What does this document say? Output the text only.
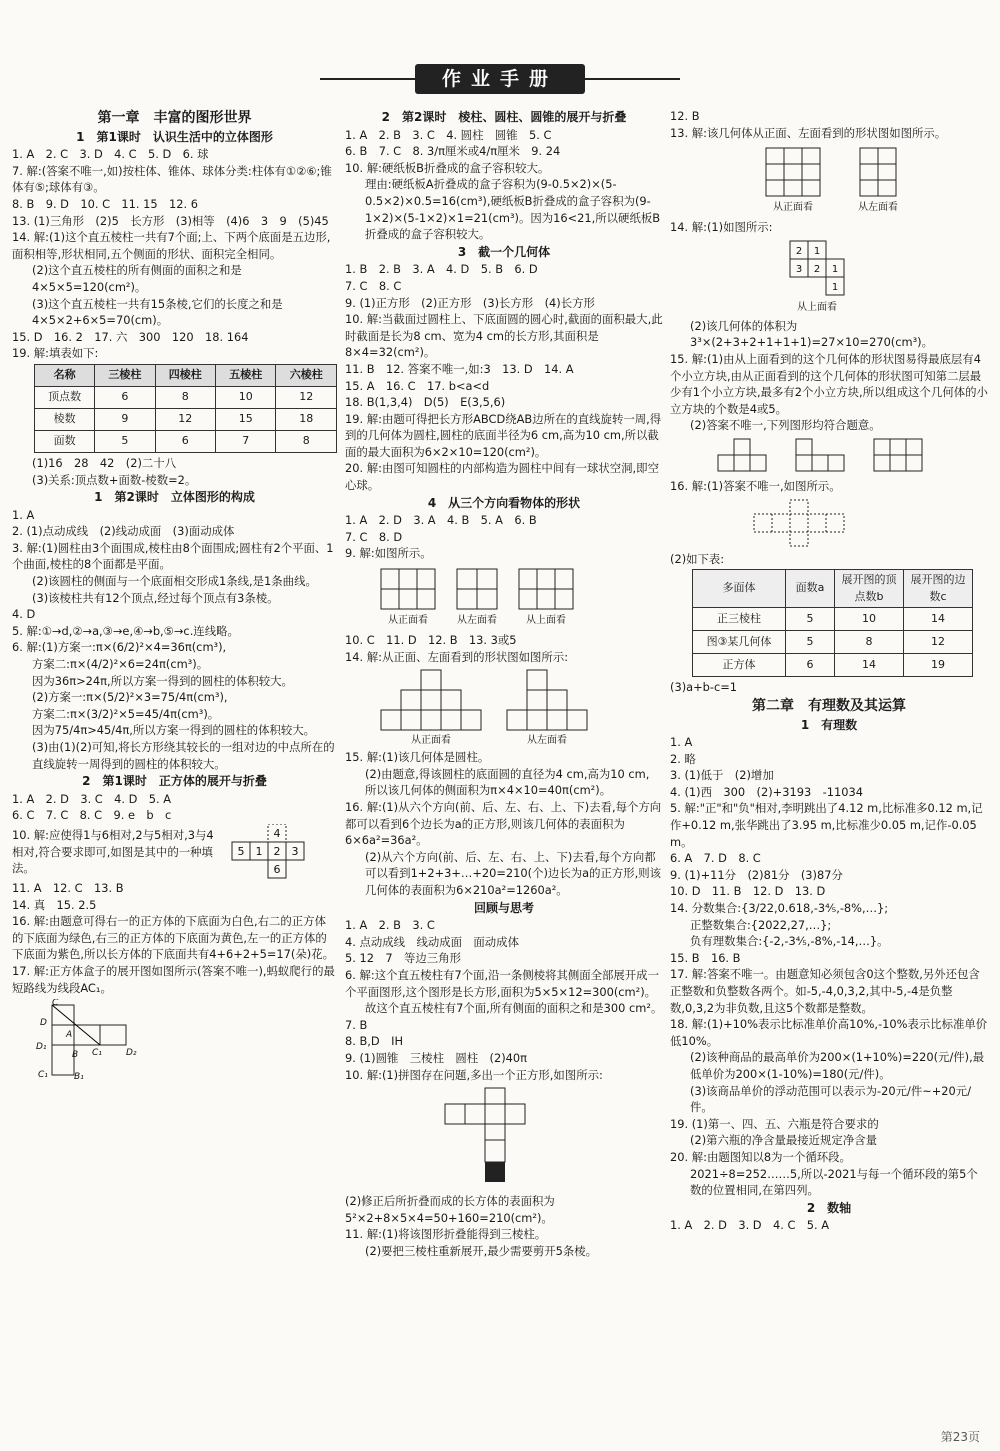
作业手册
第一章　丰富的图形世界
1　第1课时　认识生活中的立体图形
1. A　2. C　3. D　4. C　5. D　6. 球
7. 解:(答案不唯一,如)按柱体、锥体、球体分类:柱体有①②⑥;锥体有⑤;球体有③。
8. B　9. D　10. C　11. 15　12. 6
13. (1)三角形　(2)5　长方形　(3)相等　(4)6　3　9　(5)45
14. 解:(1)这个直五棱柱一共有7个面;上、下两个底面是五边形,面积相等,形状相同,五个侧面的形状、面积完全相同。
(2)这个直五棱柱的所有侧面的面积之和是4×5×5=120(cm²)。
(3)这个直五棱柱一共有15条棱,它们的长度之和是4×5×2+6×5=70(cm)。
15. D　16. 2　17. 六　300　120　18. 164
19. 解:填表如下:
名称	三棱柱	四棱柱	五棱柱	六棱柱
顶点数	6	8	10	12
棱数	9	12	15	18
面数	5	6	7	8
(1)16　28　42　(2)二十八
(3)关系:顶点数+面数-棱数=2。
1　第2课时　立体图形的构成
1. A
2. (1)点动成线　(2)线动成面　(3)面动成体
3. 解:(1)圆柱由3个面围成,棱柱由8个面围成;圆柱有2个平面、1个曲面,棱柱的8个面都是平面。
(2)该圆柱的侧面与一个底面相交形成1条线,是1条曲线。
(3)该棱柱共有12个顶点,经过每个顶点有3条棱。
4. D
5. 解:①→d,②→a,③→e,④→b,⑤→c.连线略。
6. 解:(1)方案一:π×(6/2)²×4=36π(cm³),
方案二:π×(4/2)²×6=24π(cm³)。
因为36π>24π,所以方案一得到的圆柱的体积较大。
(2)方案一:π×(5/2)²×3=75/4π(cm³),
方案二:π×(3/2)²×5=45/4π(cm³)。
因为75/4π>45/4π,所以方案一得到的圆柱的体积较大。
(3)由(1)(2)可知,将长方形绕其较长的一组对边的中点所在的直线旋转一周得到的圆柱的体积较大。
2　第1课时　正方体的展开与折叠
1. A　2. D　3. C　4. D　5. A
6. C　7. C　8. C　9. e　b　c
10. 解:应使得1与6相对,2与5相对,3与4相对,符合要求即可,如图是其中的一种填法。
5 1 2 3
4
6
11. A　12. C　13. B
14. 真　15. 2.5
16. 解:由题意可得右一的正方体的下底面为白色,右二的正方体的下底面为绿色,右三的正方体的下底面为黄色,左一的正方体的下底面为紫色,所以长方体的下底面共有4+6+2+5=17(朵)花。
17. 解:正方体盒子的展开图如图所示(答案不唯一),蚂蚁爬行的最短路线为线段AC₁。
C
D
A
D₁
C₁
B
C₁
D₂
B₁
2　第2课时　棱柱、圆柱、圆锥的展开与折叠
1. A　2. B　3. C　4. 圆柱　圆锥　5. C
6. B　7. C　8. 3/π厘米或4/π厘米　9. 24
10. 解:硬纸板B折叠成的盒子容积较大。
理由:硬纸板A折叠成的盒子容积为(9-0.5×2)×(5-0.5×2)×0.5=16(cm³),硬纸板B折叠成的盒子容积为(9-1×2)×(5-1×2)×1=21(cm³)。因为16<21,所以硬纸板B折叠成的盒子容积较大。
3　截一个几何体
1. B　2. B　3. A　4. D　5. B　6. D
7. C　8. C
9. (1)正方形　(2)正方形　(3)长方形　(4)长方形
10. 解:当截面过圆柱上、下底面圆的圆心时,截面的面积最大,此时截面是长为8 cm、宽为4 cm的长方形,其面积是8×4=32(cm²)。
11. B　12. 答案不唯一,如:3　13. D　14. A
15. A　16. C　17. b<a<d
18. B(1,3,4)　D(5)　E(3,5,6)
19. 解:由题可得把长方形ABCD绕AB边所在的直线旋转一周,得到的几何体为圆柱,圆柱的底面半径为6 cm,高为10 cm,所以截面的最大面积为6×2×10=120(cm²)。
20. 解:由图可知圆柱的内部构造为圆柱中间有一球状空洞,即空心球。
4　从三个方向看物体的形状
1. A　2. D　3. A　4. B　5. A　6. B
7. C　8. D
9. 解:如图所示。
从正面看	从左面看	从上面看
10. C　11. D　12. B　13. 3或5
14. 解:从正面、左面看到的形状图如图所示:
从正面看	从左面看
15. 解:(1)该几何体是圆柱。
(2)由题意,得该圆柱的底面圆的直径为4 cm,高为10 cm,
所以该几何体的侧面积为π×4×10=40π(cm²)。
16. 解:(1)从六个方向(前、后、左、右、上、下)去看,每个方向都可以看到6个边长为a的正方形,则该几何体的表面积为6×6a²=36a²。
(2)从六个方向(前、后、左、右、上、下)去看,每个方向都可以看到1+2+3+…+20=210(个)边长为a的正方形,则该几何体的表面积为6×210a²=1260a²。
回顾与思考
1. A　2. B　3. C
4. 点动成线　线动成面　面动成体
5. 12　7　等边三角形
6. 解:这个直五棱柱有7个面,沿一条侧棱将其侧面全部展开成一个平面图形,这个图形是长方形,面积为5×5×12=300(cm²)。
故这个直五棱柱有7个面,所有侧面的面积之和是300 cm²。
7. B
8. B,D　IH
9. (1)圆锥　三棱柱　圆柱　(2)40π
10. 解:(1)拼图存在问题,多出一个正方形,如图所示:
(2)修正后所折叠而成的长方体的表面积为5²×2+8×5×4=50+160=210(cm²)。
11. 解:(1)将该图形折叠能得到三棱柱。
(2)要把三棱柱重新展开,最少需要剪开5条棱。
12. B
13. 解:该几何体从正面、左面看到的形状图如图所示。
从正面看	从左面看
14. 解:(1)如图所示:
2 1
3 2 1
1
从上面看
(2)该几何体的体积为3³×(2+3+2+1+1+1)=27×10=270(cm³)。
15. 解:(1)由从上面看到的这个几何体的形状图易得最底层有4个小立方块,由从正面看到的这个几何体的形状图可知第二层最少有1个小立方块,最多有2个小立方块,所以组成这个几何体的小立方块的个数是4或5。
(2)答案不唯一,下列图形均符合题意。
16. 解:(1)答案不唯一,如图所示。
(2)如下表:
多面体	面数a	展开图的顶点数b	展开图的边数c
正三棱柱	5	10	14
图③某几何体	5	8	12
正方体	6	14	19
(3)a+b-c=1
第二章　有理数及其运算
1　有理数
1. A
2. 略
3. (1)低于　(2)增加
4. (1)西　300　(2)+3193　-11034
5. 解:"正"和"负"相对,李明跳出了4.12 m,比标准多0.12 m,记作+0.12 m,张华跳出了3.95 m,比标准少0.05 m,记作-0.05 m。
6. A　7. D　8. C
9. (1)+11分　(2)81分　(3)87分
10. D　11. B　12. D　13. D
14. 分数集合:{3/22,0.618,-3⁴⁄₅,-8%,…};
正整数集合:{2022,27,…};
负有理数集合:{-2,-3⁴⁄₅,-8%,-14,…}。
15. B　16. B
17. 解:答案不唯一。由题意知必须包含0这个整数,另外还包含正整数和负整数各两个。如-5,-4,0,3,2,其中-5,-4是负整数,0,3,2为非负数,且这5个数都是整数。
18. 解:(1)+10%表示比标准单价高10%,-10%表示比标准单价低10%。
(2)该种商品的最高单价为200×(1+10%)=220(元/件),最低单价为200×(1-10%)=180(元/件)。
(3)该商品单价的浮动范围可以表示为-20元/件~+20元/件。
19. (1)第一、四、五、六瓶是符合要求的
(2)第六瓶的净含量最接近规定净含量
20. 解:由题图知以8为一个循环段。
2021÷8=252……5,所以-2021与每一个循环段的第5个数的位置相同,在第四列。
2　数轴
1. A　2. D　3. D　4. C　5. A
第23页
